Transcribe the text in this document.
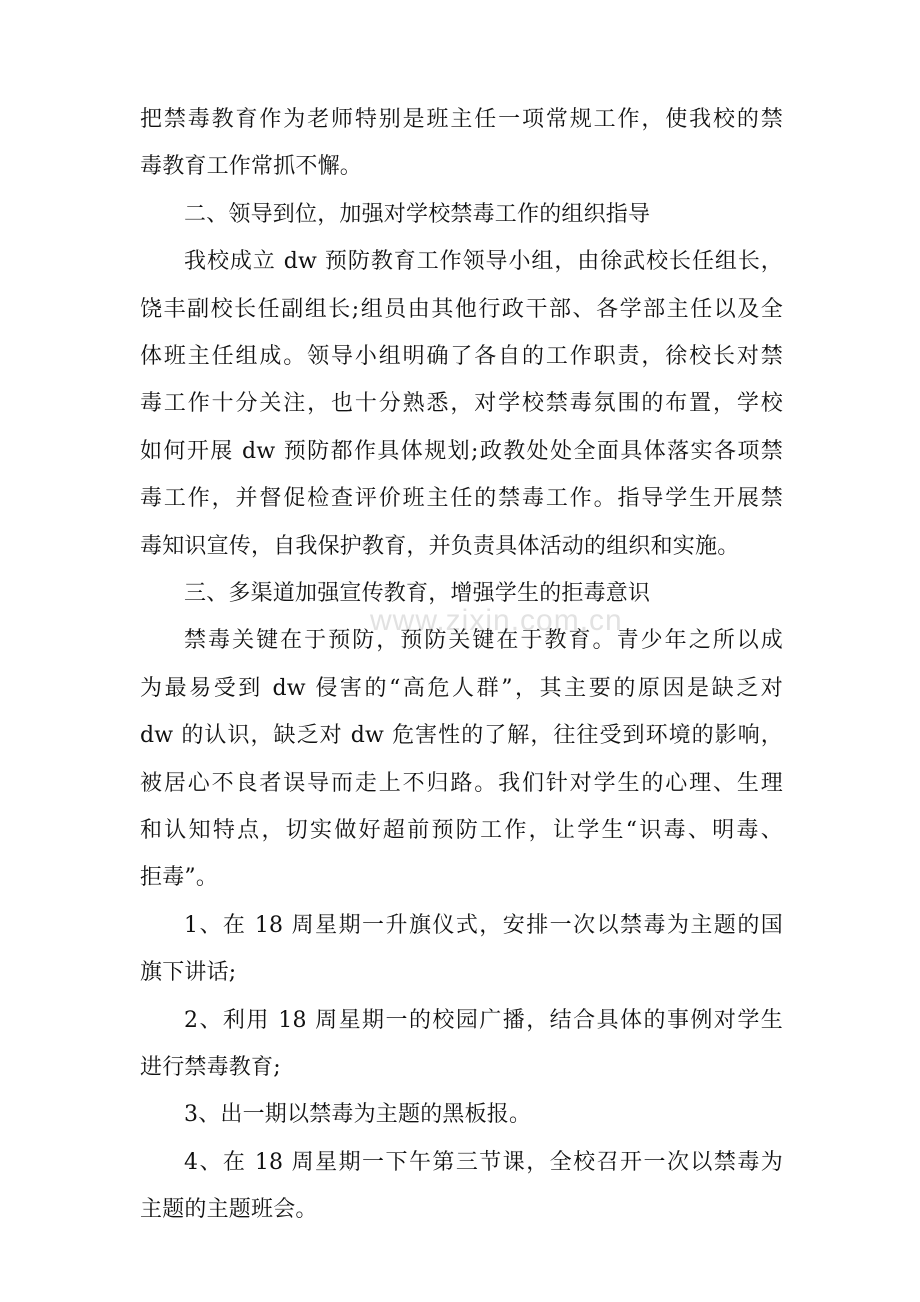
把禁毒教育作为老师特别是班主任一项常规工作，使我校的禁
毒教育工作常抓不懈。
二、领导到位，加强对学校禁毒工作的组织指导
我校成立 dw 预防教育工作领导小组，由徐武校长任组长，
饶丰副校长任副组长;组员由其他行政干部、各学部主任以及全
体班主任组成。领导小组明确了各自的工作职责，徐校长对禁
毒工作十分关注，也十分熟悉，对学校禁毒氛围的布置，学校
如何开展 dw 预防都作具体规划;政教处处全面具体落实各项禁
毒工作，并督促检查评价班主任的禁毒工作。指导学生开展禁
毒知识宣传，自我保护教育，并负责具体活动的组织和实施。
三、多渠道加强宣传教育，增强学生的拒毒意识
禁毒关键在于预防，预防关键在于教育。青少年之所以成
为最易受到 dw 侵害的“高危人群”，其主要的原因是缺乏对
dw 的认识，缺乏对 dw 危害性的了解，往往受到环境的影响，
被居心不良者误导而走上不归路。我们针对学生的心理、生理
和认知特点，切实做好超前预防工作，让学生“识毒、明毒、
拒毒”。
1、在 18 周星期一升旗仪式，安排一次以禁毒为主题的国
旗下讲话;
2、利用 18 周星期一的校园广播，结合具体的事例对学生
进行禁毒教育;
3、出一期以禁毒为主题的黑板报。
4、在 18 周星期一下午第三节课，全校召开一次以禁毒为
主题的主题班会。
www.zixin.com.cn
